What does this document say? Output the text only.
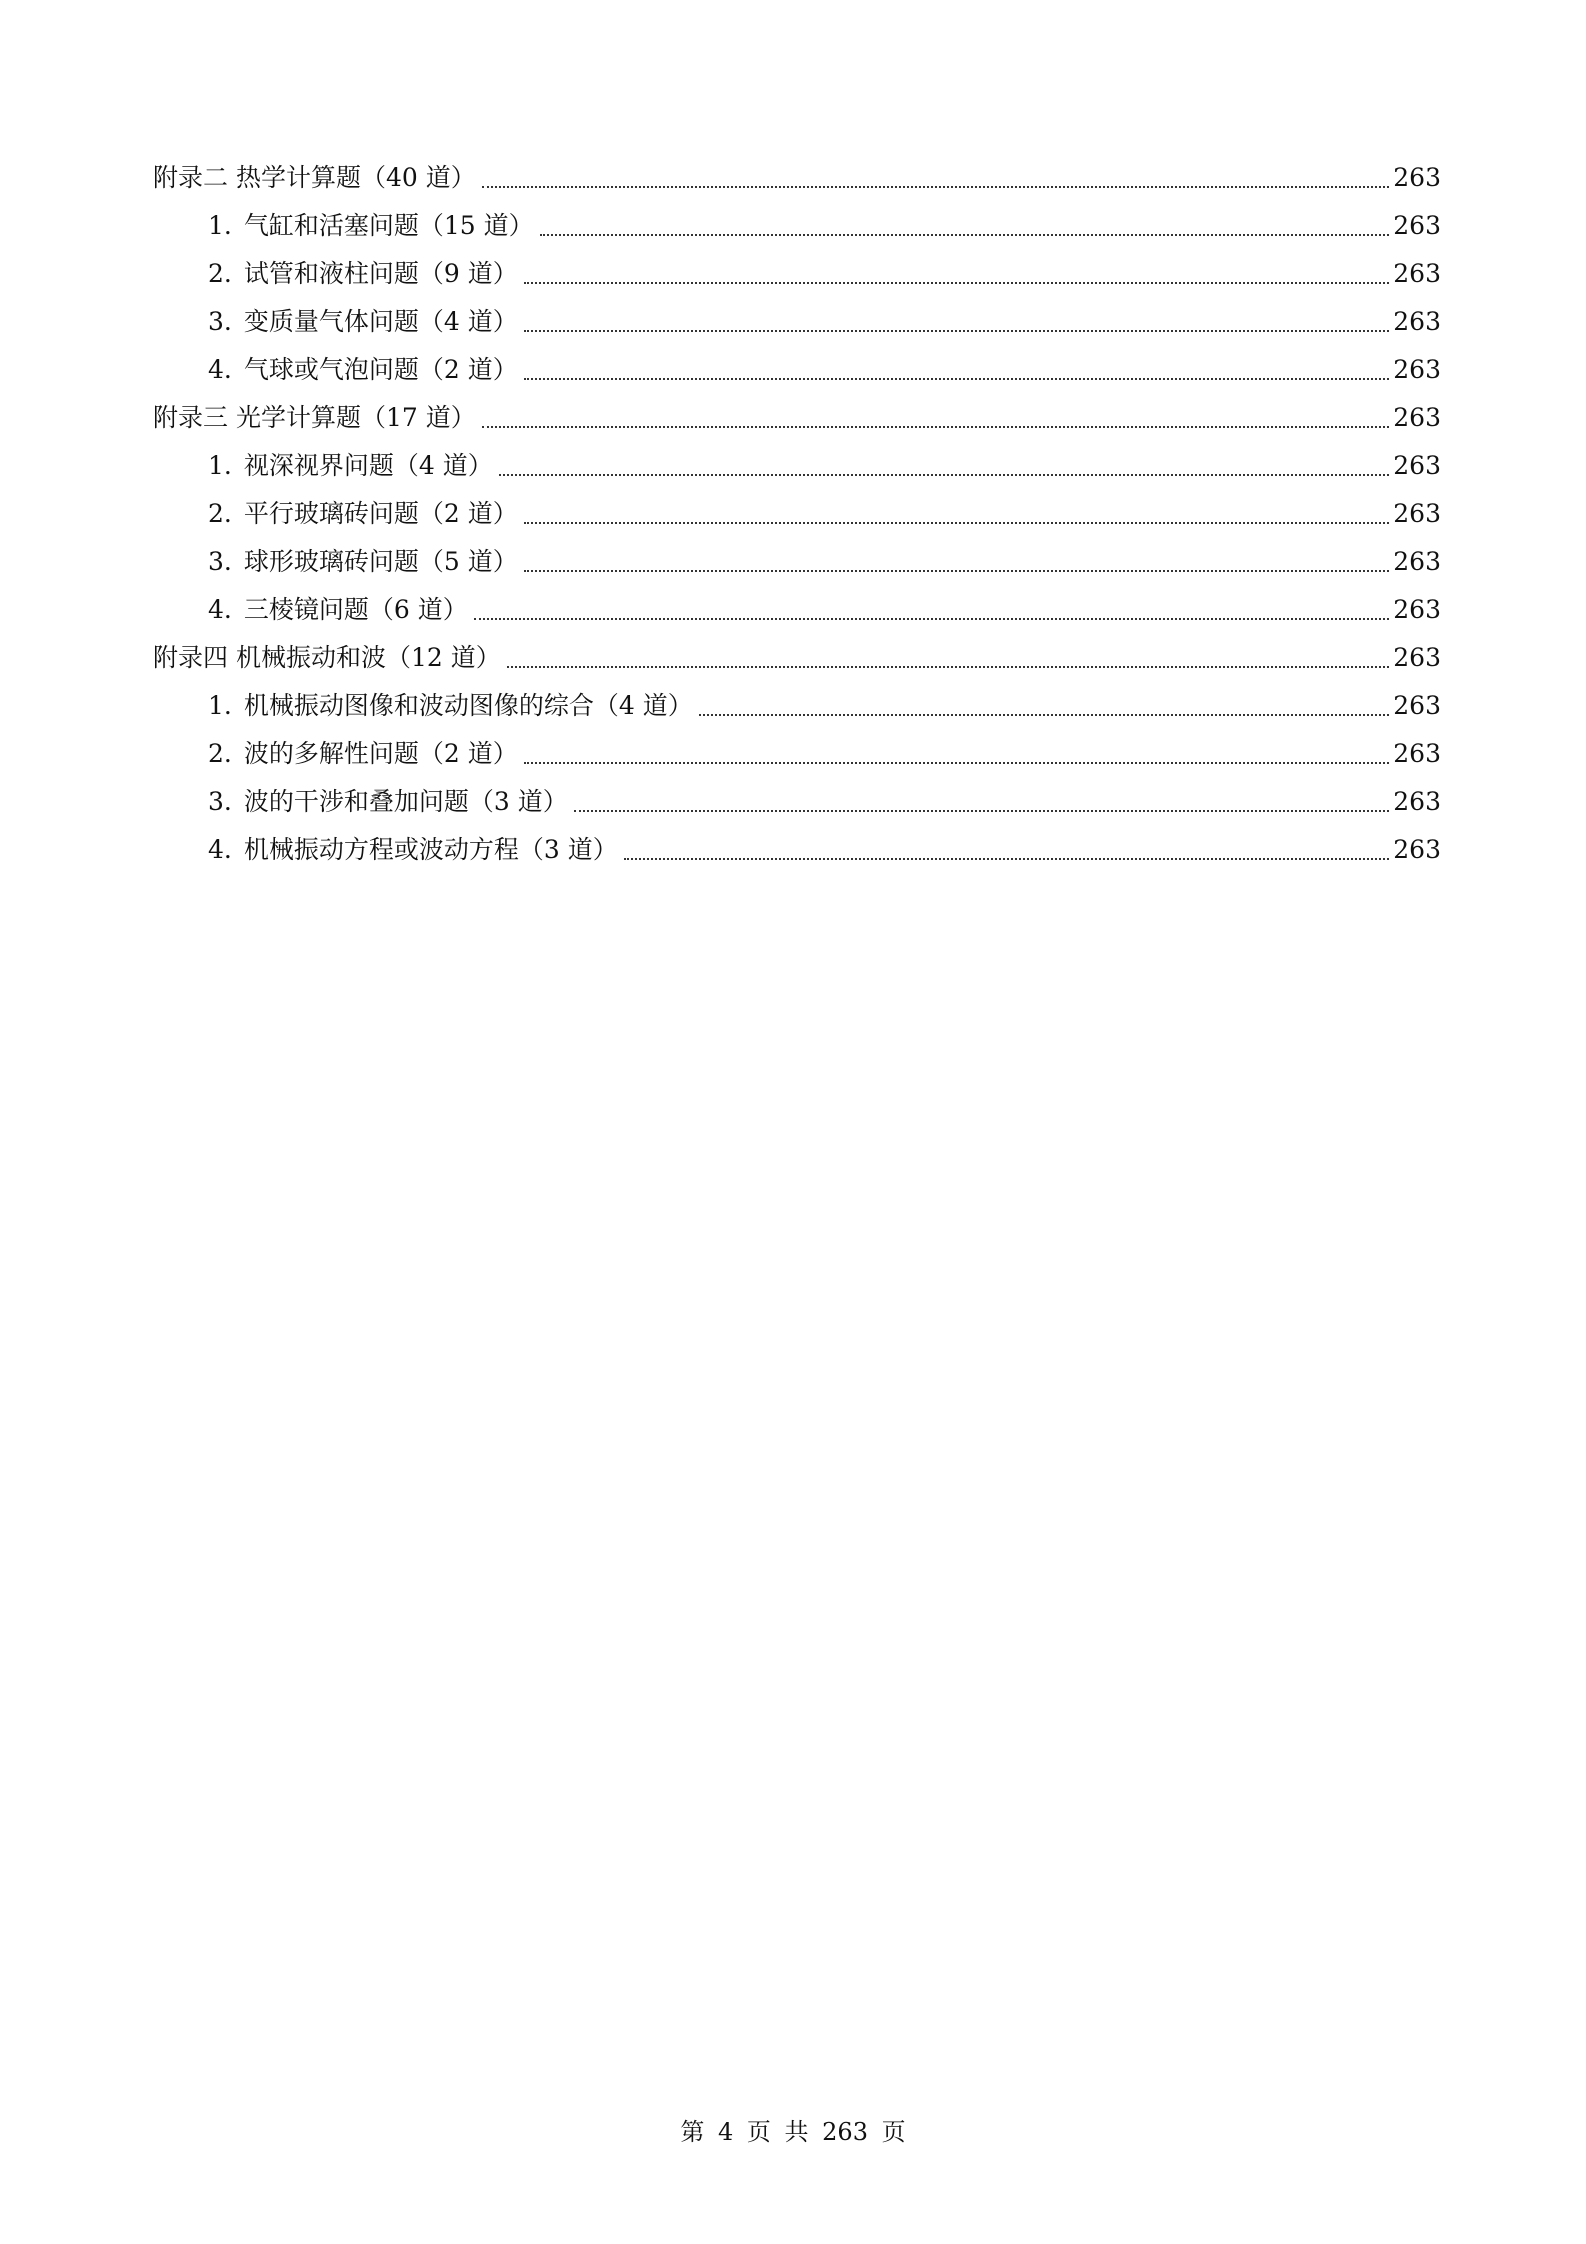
附录二 热学计算题（40 道）	263
1. 气缸和活塞问题（15 道）	263
2. 试管和液柱问题（9 道）	263
3. 变质量气体问题（4 道）	263
4. 气球或气泡问题（2 道）	263
附录三 光学计算题（17 道）	263
1. 视深视界问题（4 道）	263
2. 平行玻璃砖问题（2 道）	263
3. 球形玻璃砖问题（5 道）	263
4. 三棱镜问题（6 道）	263
附录四 机械振动和波（12 道）	263
1. 机械振动图像和波动图像的综合（4 道）	263
2. 波的多解性问题（2 道）	263
3. 波的干涉和叠加问题（3 道）	263
4. 机械振动方程或波动方程（3 道）	263
第 4 页 共 263 页
